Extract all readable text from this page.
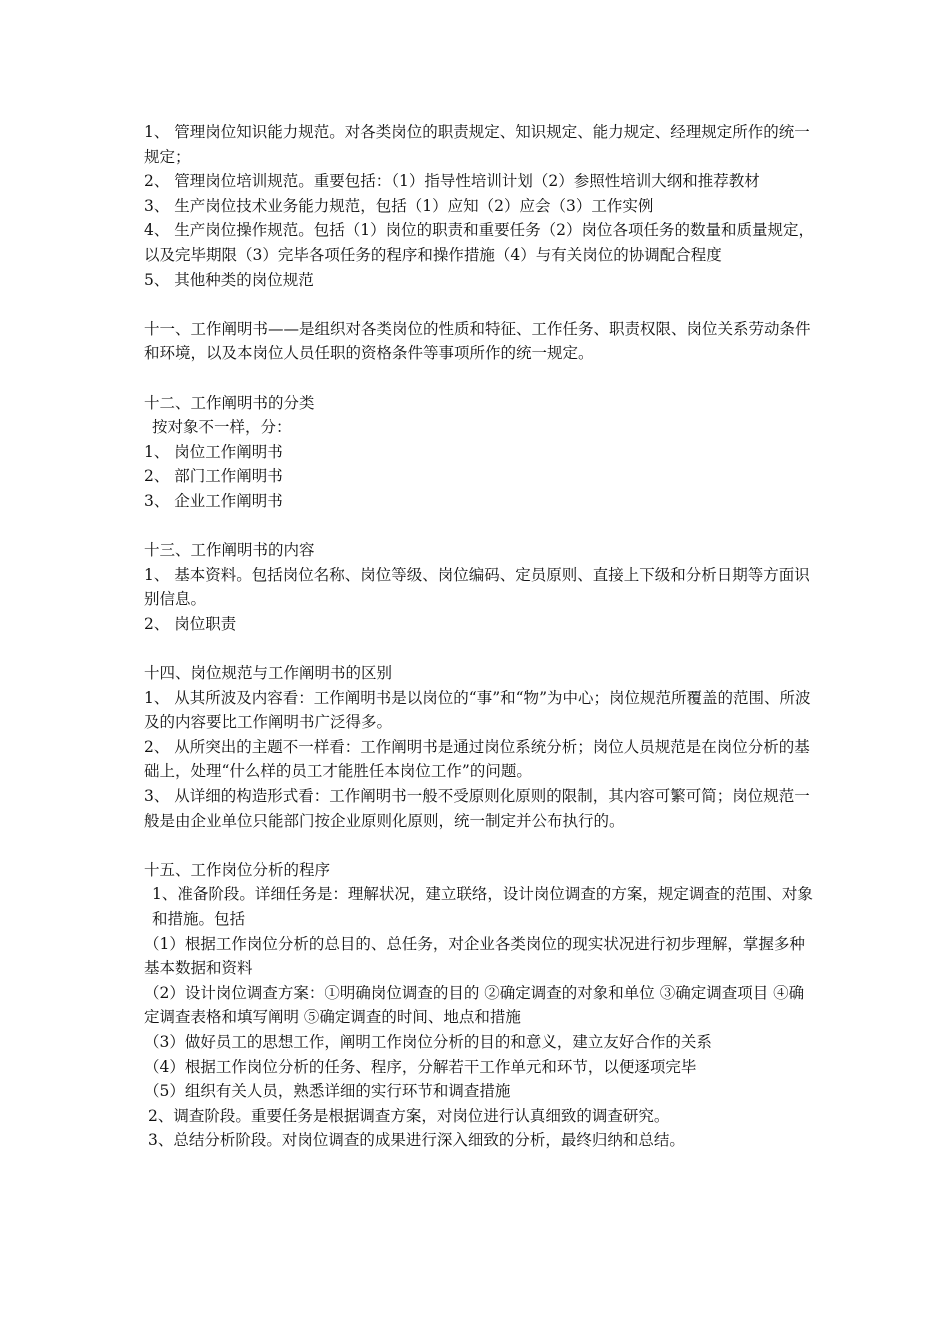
1、 管理岗位知识能力规范。对各类岗位的职责规定、知识规定、能力规定、经理规定所作的统一规定；

2、 管理岗位培训规范。重要包括：（1）指导性培训计划（2）参照性培训大纲和推荐教材

3、 生产岗位技术业务能力规范，包括（1）应知（2）应会（3）工作实例

4、 生产岗位操作规范。包括（1）岗位的职责和重要任务（2）岗位各项任务的数量和质量规定，以及完毕期限（3）完毕各项任务的程序和操作措施（4）与有关岗位的协调配合程度

5、 其他种类的岗位规范

十一、工作阐明书——是组织对各类岗位的性质和特征、工作任务、职责权限、岗位关系劳动条件和环境，以及本岗位人员任职的资格条件等事项所作的统一规定。

十二、工作阐明书的分类

按对象不一样，分：

1、 岗位工作阐明书

2、 部门工作阐明书

3、 企业工作阐明书

十三、工作阐明书的内容

1、 基本资料。包括岗位名称、岗位等级、岗位编码、定员原则、直接上下级和分析日期等方面识别信息。

2、 岗位职责

十四、岗位规范与工作阐明书的区别

1、 从其所波及内容看：工作阐明书是以岗位的“事”和“物”为中心；岗位规范所覆盖的范围、所波及的内容要比工作阐明书广泛得多。

2、 从所突出的主题不一样看：工作阐明书是通过岗位系统分析；岗位人员规范是在岗位分析的基础上，处理“什么样的员工才能胜任本岗位工作”的问题。

3、 从详细的构造形式看：工作阐明书一般不受原则化原则的限制，其内容可繁可简；岗位规范一般是由企业单位只能部门按企业原则化原则，统一制定并公布执行的。

十五、工作岗位分析的程序

1、准备阶段。详细任务是：理解状况，建立联络，设计岗位调查的方案，规定调查的范围、对象和措施。包括

（1）根据工作岗位分析的总目的、总任务，对企业各类岗位的现实状况进行初步理解，掌握多种基本数据和资料

（2）设计岗位调查方案：①明确岗位调查的目的 ②确定调查的对象和单位 ③确定调查项目 ④确定调查表格和填写阐明 ⑤确定调查的时间、地点和措施

（3）做好员工的思想工作，阐明工作岗位分析的目的和意义，建立友好合作的关系

（4）根据工作岗位分析的任务、程序，分解若干工作单元和环节，以便逐项完毕

（5）组织有关人员，熟悉详细的实行环节和调查措施

2、调查阶段。重要任务是根据调查方案，对岗位进行认真细致的调查研究。

3、总结分析阶段。对岗位调查的成果进行深入细致的分析，最终归纳和总结。
